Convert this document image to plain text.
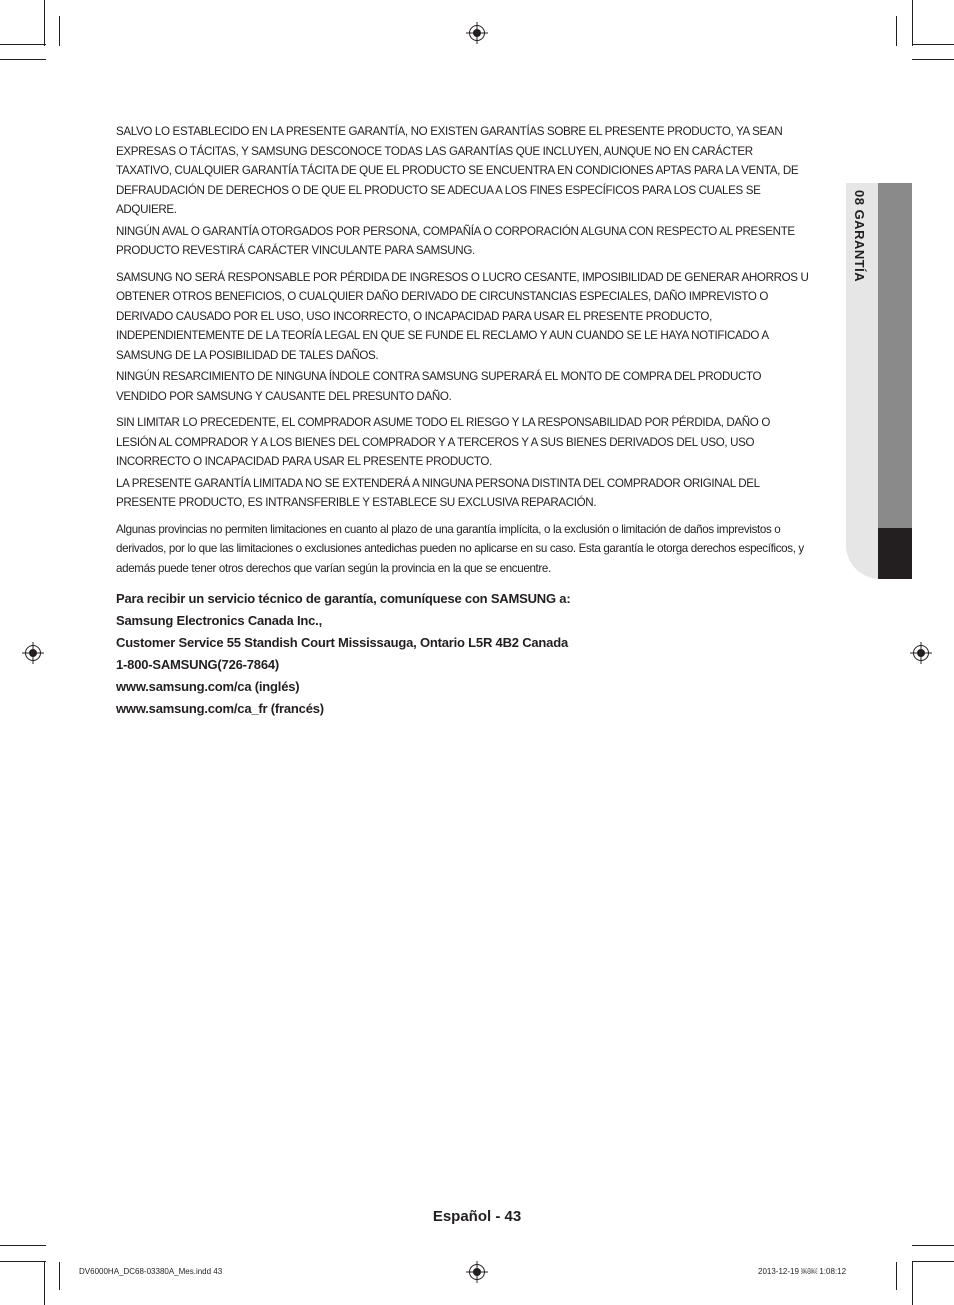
08 GARANTÍA

SALVO LO ESTABLECIDO EN LA PRESENTE GARANTÍA, NO EXISTEN GARANTÍAS SOBRE EL PRESENTE PRODUCTO, YA SEAN EXPRESAS O TÁCITAS, Y SAMSUNG DESCONOCE TODAS LAS GARANTÍAS QUE INCLUYEN, AUNQUE NO EN CARÁCTER TAXATIVO, CUALQUIER GARANTÍA TÁCITA DE QUE EL PRODUCTO SE ENCUENTRA EN CONDICIONES APTAS PARA LA VENTA, DE DEFRAUDACIÓN DE DERECHOS O DE QUE EL PRODUCTO SE ADECUA A LOS FINES ESPECÍFICOS PARA LOS CUALES SE ADQUIERE.

NINGÚN AVAL O GARANTÍA OTORGADOS POR PERSONA, COMPAÑÍA O CORPORACIÓN ALGUNA CON RESPECTO AL PRESENTE PRODUCTO REVESTIRÁ CARÁCTER VINCULANTE PARA SAMSUNG.

SAMSUNG NO SERÁ RESPONSABLE POR PÉRDIDA DE INGRESOS O LUCRO CESANTE, IMPOSIBILIDAD DE GENERAR AHORROS U OBTENER OTROS BENEFICIOS, O CUALQUIER DAÑO DERIVADO DE CIRCUNSTANCIAS ESPECIALES, DAÑO IMPREVISTO O DERIVADO CAUSADO POR EL USO, USO INCORRECTO, O INCAPACIDAD PARA USAR EL PRESENTE PRODUCTO, INDEPENDIENTEMENTE DE LA TEORÍA LEGAL EN QUE SE FUNDE EL RECLAMO Y AUN CUANDO SE LE HAYA NOTIFICADO A SAMSUNG DE LA POSIBILIDAD DE TALES DAÑOS.

NINGÚN RESARCIMIENTO DE NINGUNA ÍNDOLE CONTRA SAMSUNG SUPERARÁ EL MONTO DE COMPRA DEL PRODUCTO VENDIDO POR SAMSUNG Y CAUSANTE DEL PRESUNTO DAÑO.

SIN LIMITAR LO PRECEDENTE, EL COMPRADOR ASUME TODO EL RIESGO Y LA RESPONSABILIDAD POR PÉRDIDA, DAÑO O LESIÓN AL COMPRADOR Y A LOS BIENES DEL COMPRADOR Y A TERCEROS Y A SUS BIENES DERIVADOS DEL USO, USO INCORRECTO O INCAPACIDAD PARA USAR EL PRESENTE PRODUCTO.

LA PRESENTE GARANTÍA LIMITADA NO SE EXTENDERÁ A NINGUNA PERSONA DISTINTA DEL COMPRADOR ORIGINAL DEL PRESENTE PRODUCTO, ES INTRANSFERIBLE Y ESTABLECE SU EXCLUSIVA REPARACIÓN.

Algunas provincias no permiten limitaciones en cuanto al plazo de una garantía implícita, o la exclusión o limitación de daños imprevistos o derivados, por lo que las limitaciones o exclusiones antedichas pueden no aplicarse en su caso. Esta garantía le otorga derechos específicos, y además puede tener otros derechos que varían según la provincia en la que se encuentre.

Para recibir un servicio técnico de garantía, comuníquese con SAMSUNG a:
Samsung Electronics Canada Inc.,
Customer Service 55 Standish Court Mississauga, Ontario L5R 4B2 Canada
1-800-SAMSUNG(726-7864)
www.samsung.com/ca (inglés)
www.samsung.com/ca_fr (francés)
Español - 43
DV6000HA_DC68-03380A_Mes.indd 43	2013-12-19 ￼￼ 1:08:12
